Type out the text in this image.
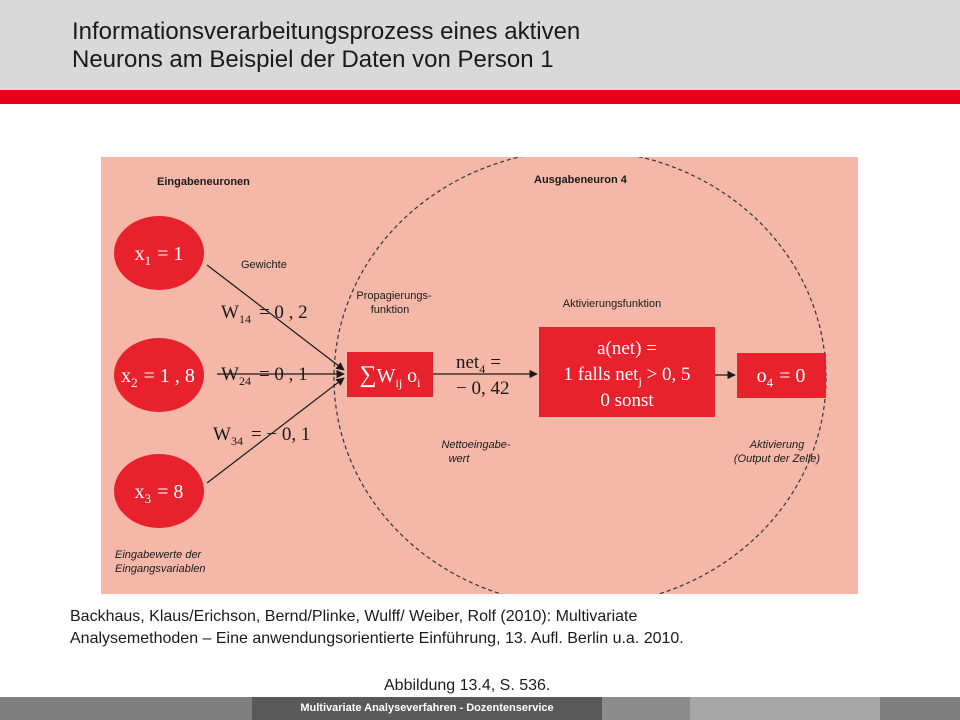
Informationsverarbeitungsprozess eines aktiven
Neurons am Beispiel der Daten von Person 1
Eingabeneuronen	Ausgabeneuron 4
Gewichte
Propagierungs-
funktion	Aktivierungsfunktion
Nettoeingabe-
wert
Aktivierung
(Output der Zelle)
Eingabewerte der
Eingangsvariablen
$W_{14} = 0$ , 2
$W_{24} = 0$ , 1
$W_{34}$ = − 0, 1
$x_1 = 1$
$x_2 = 1$ , 8
$x_3 = 8$
$\sum W_{ij}$ $o_i$
net$_4$ =
− 0, 42
a(net) =
1 falls net$_j$ > 0, 5
0 sonst
$o_4 = 0$
Backhaus, Klaus/Erichson, Bernd/Plinke, Wulff/ Weiber, Rolf (2010): Multivariate
Analysemethoden – Eine anwendungsorientierte Einführung, 13. Aufl. Berlin u.a. 2010.
Abbildung 13.4, S. 536.
Multivariate Analyseverfahren - Dozentenservice
